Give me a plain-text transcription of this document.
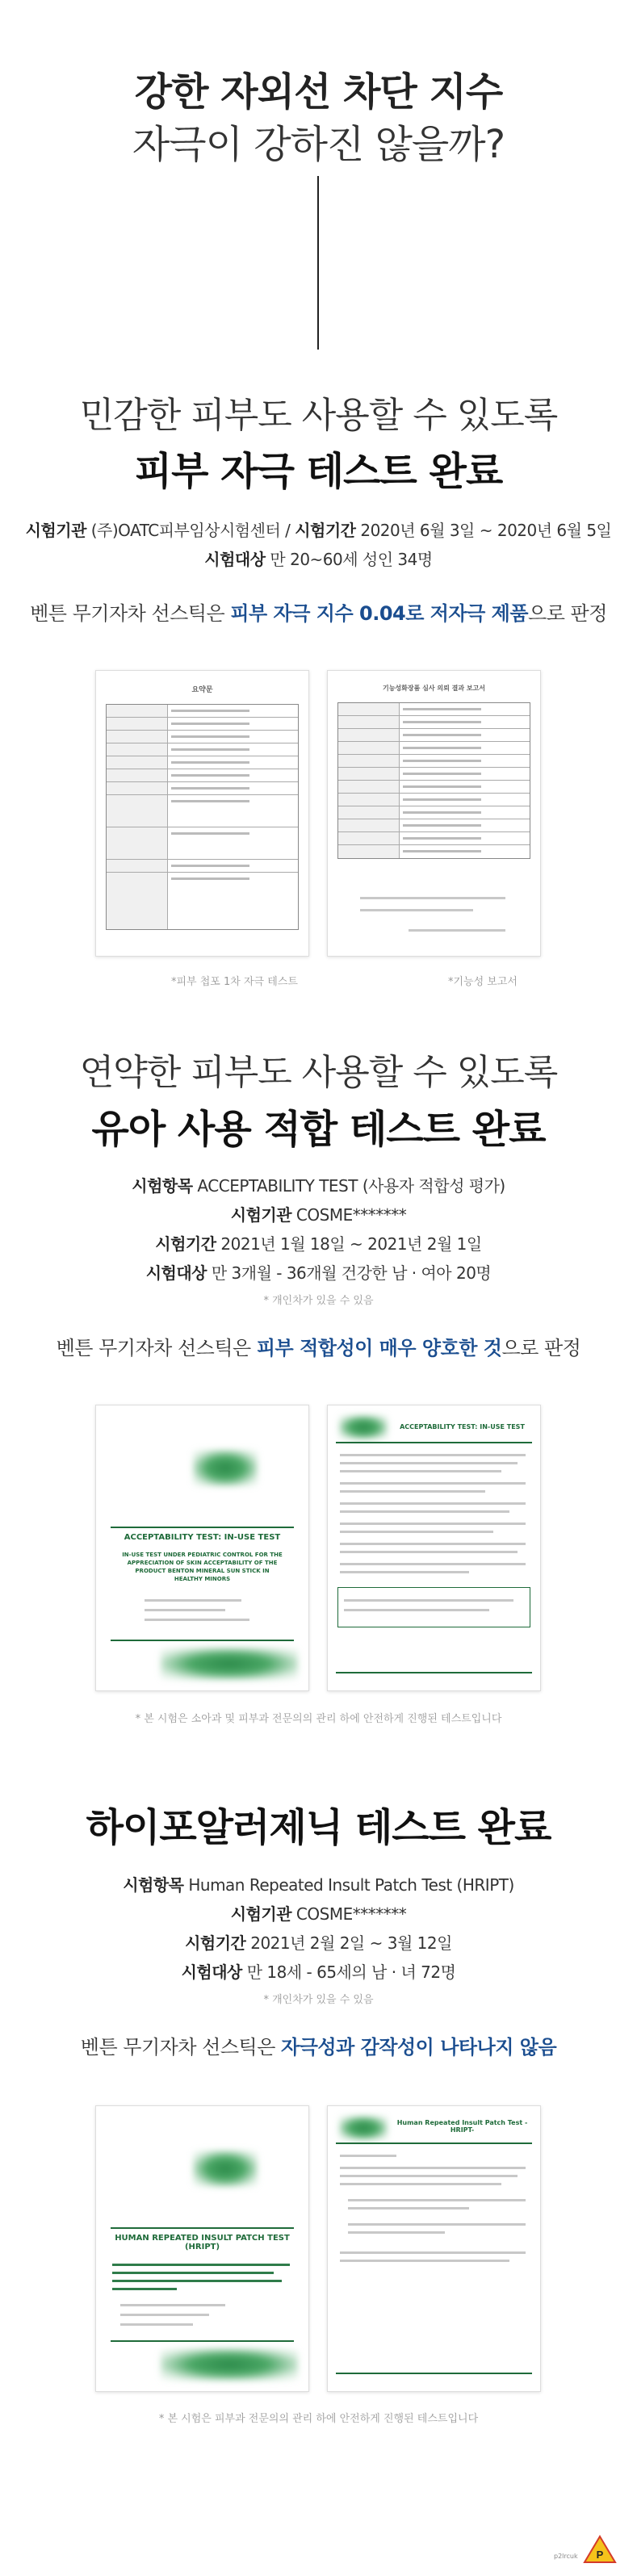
강한 자외선 차단 지수
자극이 강하진 않을까?
민감한 피부도 사용할 수 있도록
피부 자극 테스트 완료
시험기관 (주)OATC피부임상시험센터 / 시험기간 2020년 6월 3일 ~ 2020년 6월 5일
시험대상 만 20~60세 성인 34명
벤튼 무기자차 선스틱은 피부 자극 지수 0.04로 저자극 제품으로 판정
요약문
*피부 첩포 1차 자극 테스트
기능성화장품 심사 의뢰 결과 보고서
*기능성 보고서
연약한 피부도 사용할 수 있도록
유아 사용 적합 테스트 완료
시험항목 ACCEPTABILITY TEST (사용자 적합성 평가)
시험기관 COSME*******
시험기간 2021년 1월 18일 ~ 2021년 2월 1일
시험대상 만 3개월 - 36개월 건강한 남 · 여아 20명
* 개인차가 있을 수 있음
벤튼 무기자차 선스틱은 피부 적합성이 매우 양호한 것으로 판정
ACCEPTABILITY TEST: IN-USE TEST
IN-USE TEST UNDER PEDIATRIC CONTROL FOR THE APPRECIATION OF SKIN ACCEPTABILITY OF THE PRODUCT BENTON MINERAL SUN STICK IN HEALTHY MINORS
ACCEPTABILITY TEST: IN-USE TEST
* 본 시험은 소아과 및 피부과 전문의의 관리 하에 안전하게 진행된 테스트입니다
하이포알러제닉 테스트 완료
시험항목 Human Repeated Insult Patch Test (HRIPT)
시험기관 COSME*******
시험기간 2021년 2월 2일 ~ 3월 12일
시험대상 만 18세 - 65세의 남 · 녀 72명
* 개인차가 있을 수 있음
벤튼 무기자차 선스틱은 자극성과 감작성이 나타나지 않음
HUMAN REPEATED INSULT PATCH TEST (HRIPT)
Human Repeated Insult Patch Test -HRIPT-
* 본 시험은 피부과 전문의의 관리 하에 안전하게 진행된 테스트입니다
P
p2lrcuk
